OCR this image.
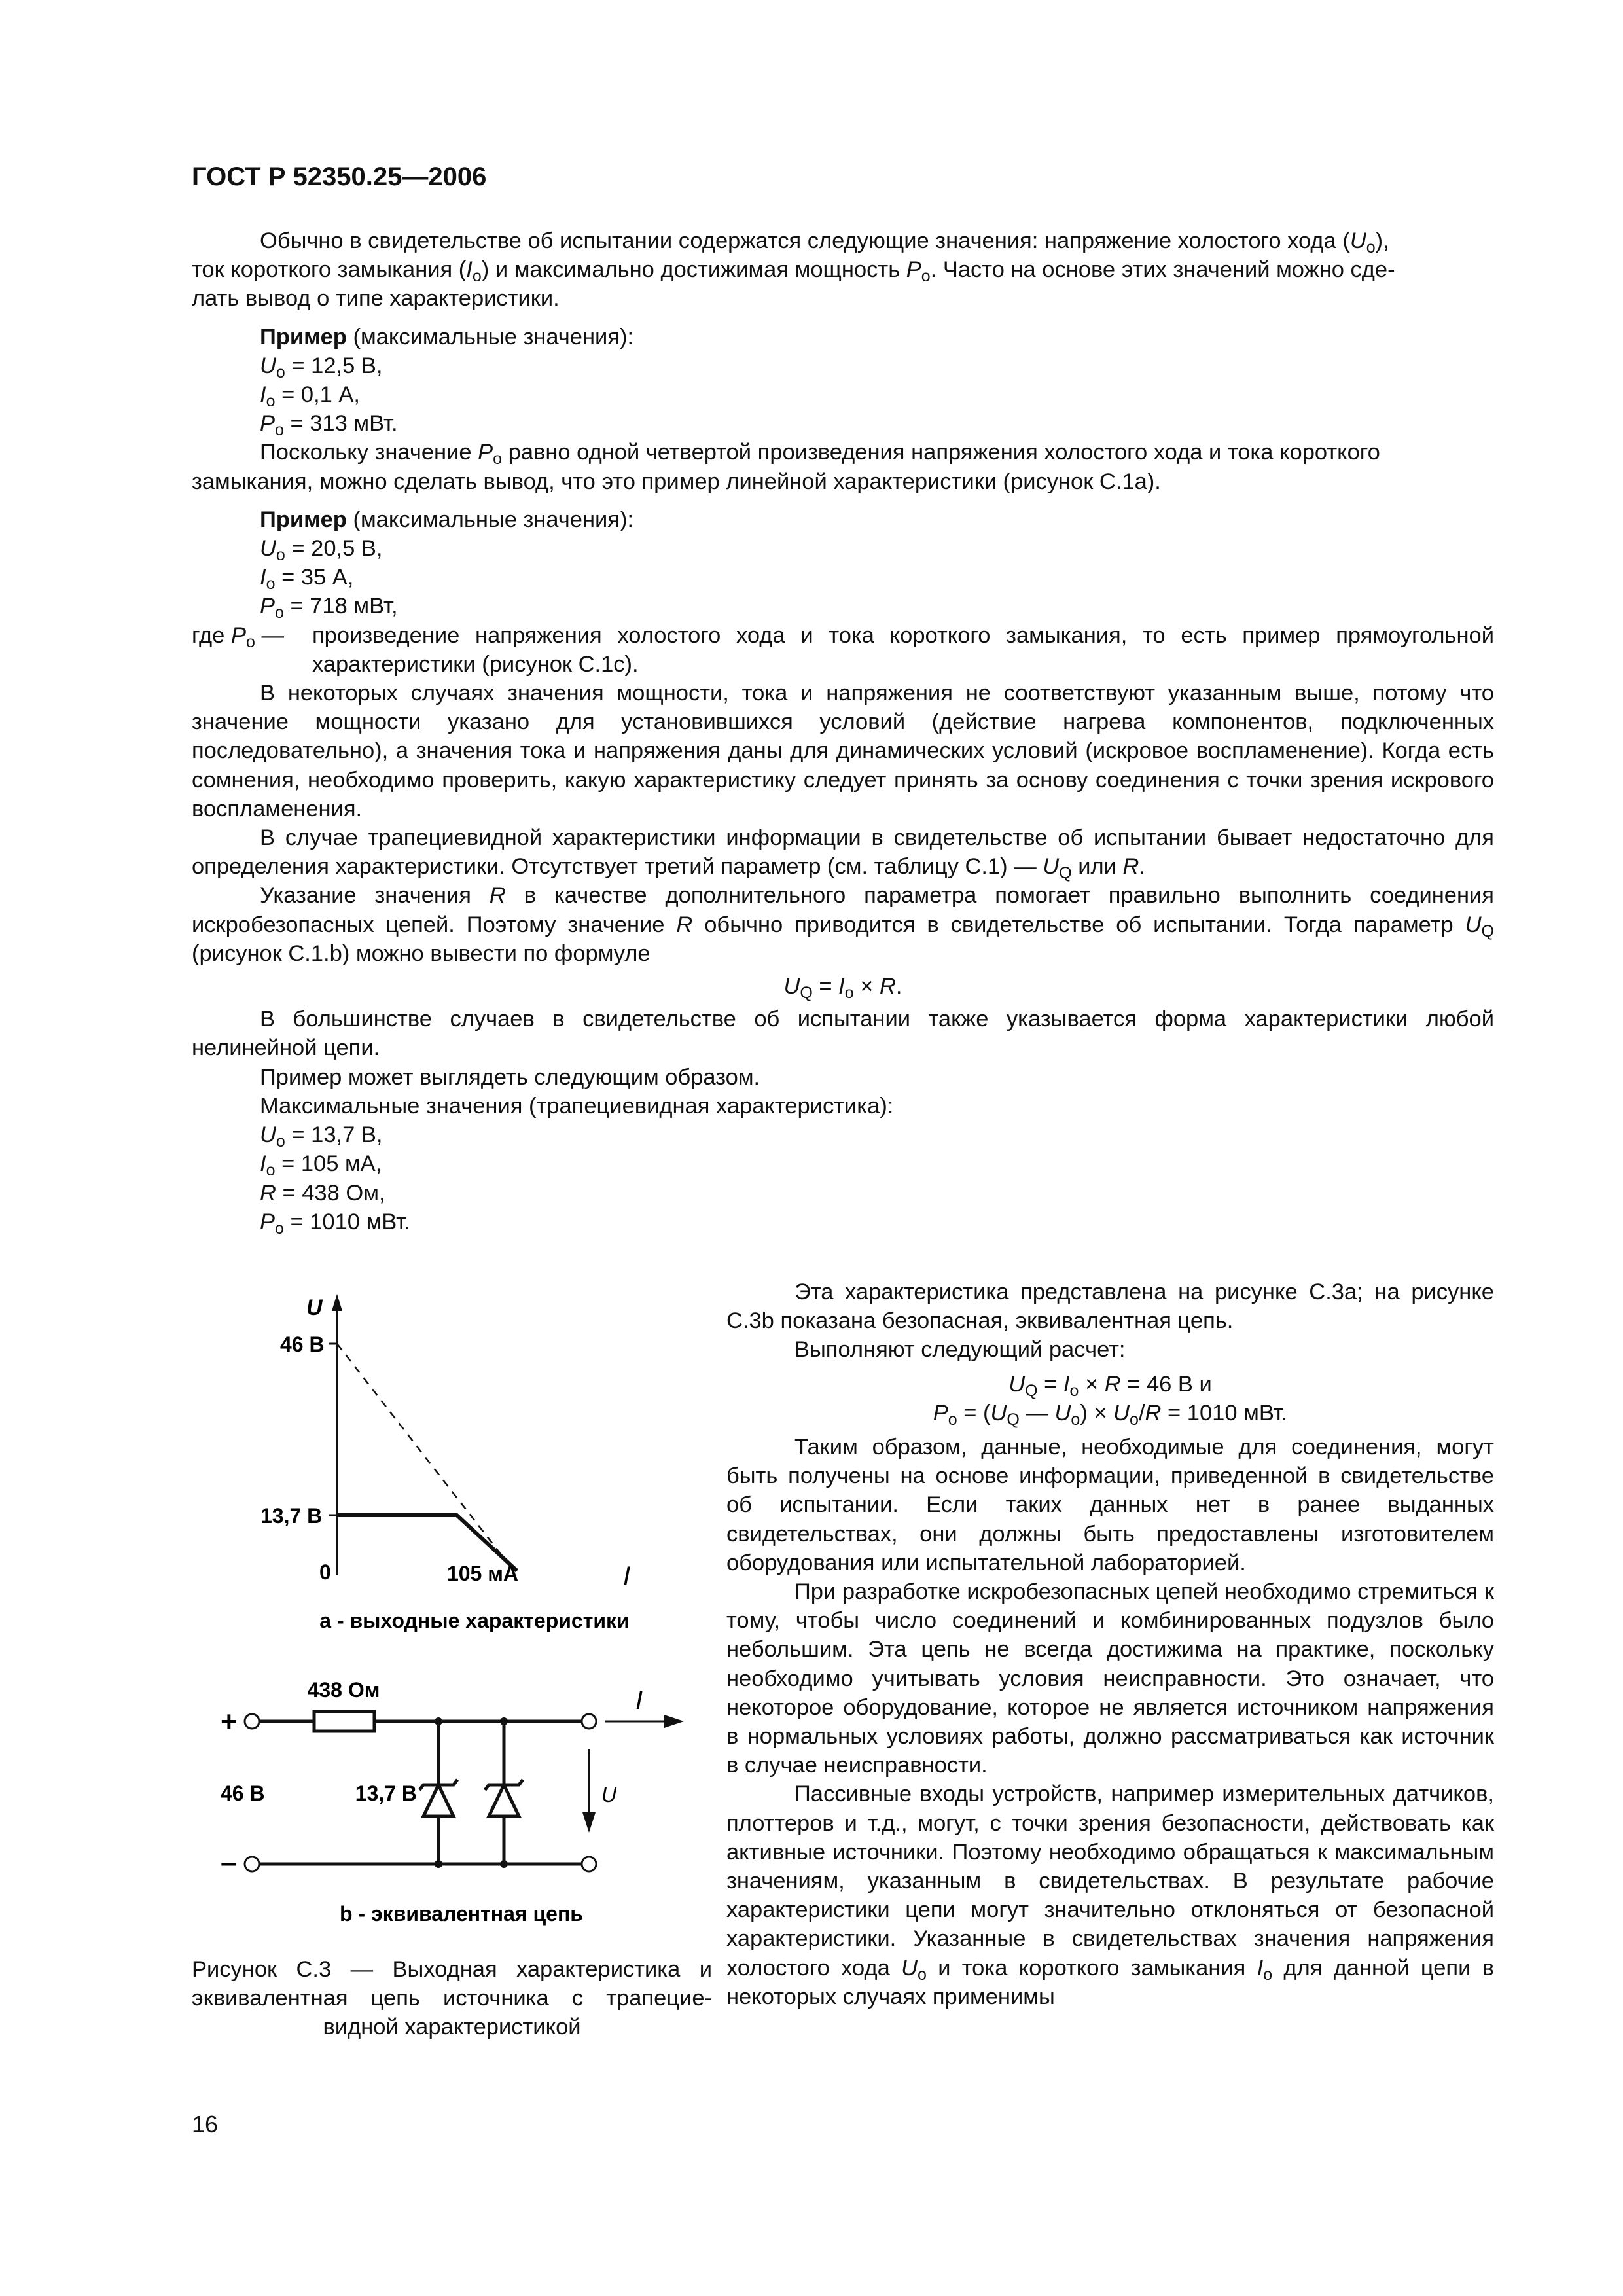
ГОСТ Р 52350.25—2006

Обычно в свидетельстве об испытании содержатся следующие значения: напряжение холостого хода $(U_o)$,
ток короткого замыкания $(I_o)$ и максимально достижимая мощность $P_o$. Часто на основе этих значений можно сде-
лать вывод о типе характеристики.

Пример (максимальные значения):

$U_o = 12,5$ В,

$I_o = 0,1$ А,

$P_o = 313$ мВт.

Поскольку значение $P_o$ равно одной четвертой произведения напряжения холостого хода и тока короткого
замыкания, можно сделать вывод, что это пример линейной характеристики (рисунок С.1а).

Пример (максимальные значения):

$U_o = 20,5$ В,

$I_o = 35$ А,

$P_o = 718$ мВт,

где $P_o$ —	произведение напряжения холостого хода и тока короткого замыкания, то есть пример прямоугольной характеристики (рисунок С.1с).

В некоторых случаях значения мощности, тока и напряжения не соответствуют указанным выше, потому что значение мощности указано для установившихся условий (действие нагрева компонентов, подключенных последовательно), а значения тока и напряжения даны для динамических условий (искровое воспламенение). Когда есть сомнения, необходимо проверить, какую характеристику следует принять за основу соединения с точки зрения искрового воспламенения.

В случае трапециевидной характеристики информации в свидетельстве об испытании бывает недостаточно для определения характеристики. Отсутствует третий параметр (см. таблицу С.1) — $U_Q$ или R.

Указание значения R в качестве дополнительного параметра помогает правильно выполнить соединения искробезопасных цепей. Поэтому значение R обычно приводится в свидетельстве об испытании. Тогда параметр $U_Q$ (рисунок С.1.b) можно вывести по формуле

$U_Q = I_o \times R$.

В большинстве случаев в свидетельстве об испытании также указывается форма характеристики любой нелинейной цепи.

Пример может выглядеть следующим образом.

Максимальные значения (трапециевидная характеристика):

$U_o = 13,7$ В,

$I_o = 105$ мА,

R = 438 Ом,

$P_o = 1010$ мВт.

Эта характеристика представлена на рисунке С.3а; на рисунке С.3b показана безопасная, эквивалентная цепь.

Выполняют следующий расчет:

$U_Q = I_o \times R = 46$ В и

$P_o = (U_Q$ — $U_o) \times U_o/R = 1010$ мВт.

Таким образом, данные, необходимые для соединения, могут быть получены на основе информации, приведенной в свидетельстве об испытании. Если таких данных нет в ранее выданных свидетельствах, они должны быть предоставлены изготовителем оборудования или испытательной лабораторией.

При разработке искробезопасных цепей необходимо стремиться к тому, чтобы число соединений и комбинированных подузлов было небольшим. Эта цепь не всегда достижима на практике, поскольку необходимо учитывать условия неисправности. Это означает, что некоторое оборудование, которое не является источником напряжения в нормальных условиях работы, должно рассматриваться как источник в случае неисправности.

Пассивные входы устройств, например измерительных датчиков, плоттеров и т.д., могут, с точки зрения безопасности, действовать как активные источники. Поэтому необходимо обращаться к максимальным значениям, указанным в свидетельствах. В результате рабочие характеристики цепи могут значительно отклоняться от безопасной характеристики. Указанные в свидетельствах значения напряжения холостого хода $U_o$ и тока короткого замыкания $I_o$ для данной цепи в некоторых случаях применимы

U
46 В
13,7 В
0	105 мА	I
а - выходные характеристики
+
–
438 Ом
46 В	13,7 В
I
U
b - эквивалентная цепь
Рисунок С.3 — Выходная характеристика и
эквивалентная цепь источника с трапецие-
видной характеристикой
16
